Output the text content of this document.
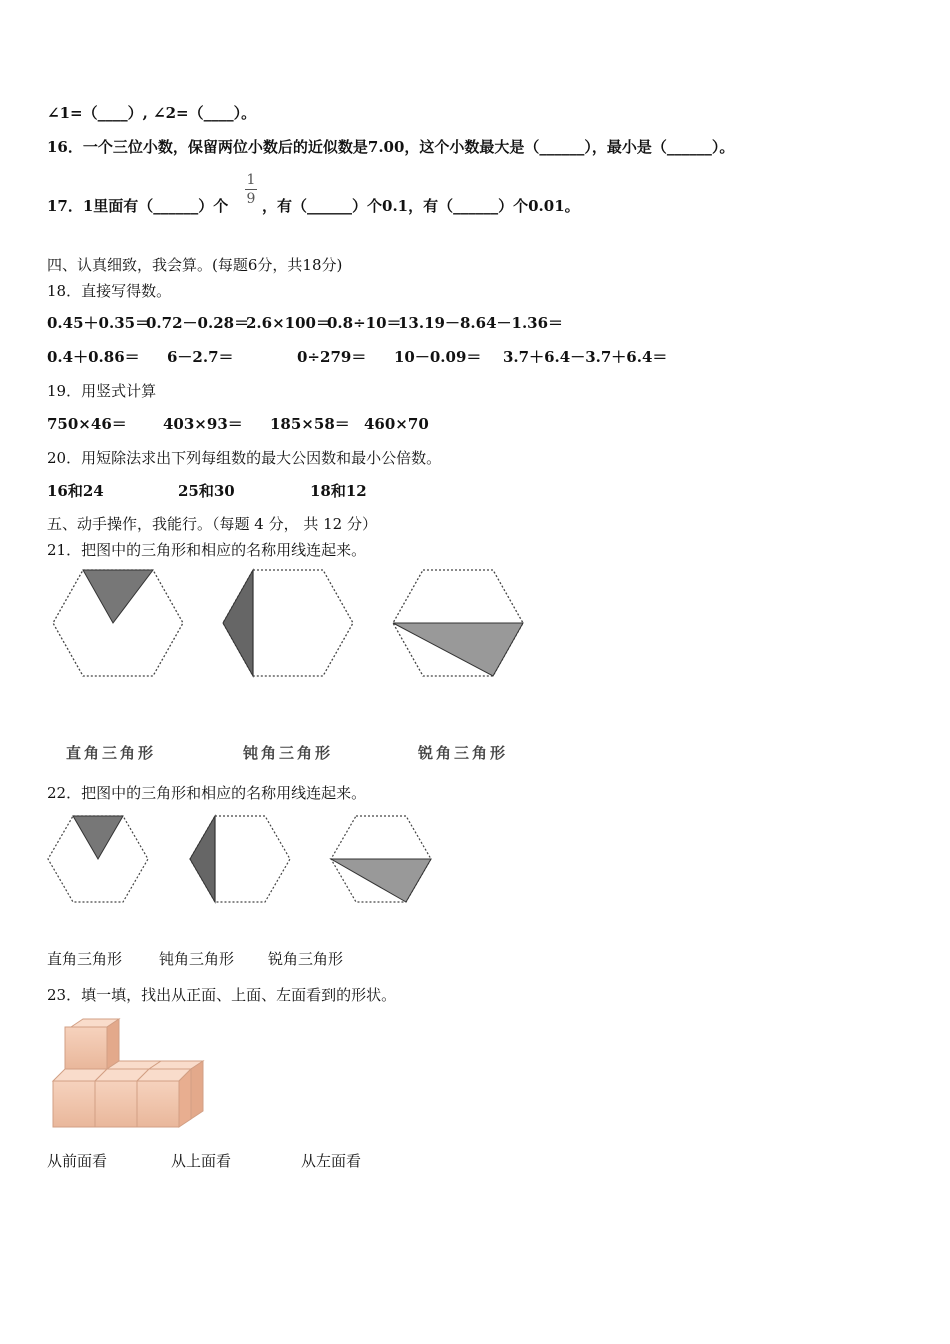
∠1=（____）, ∠2=（____）。
16．一个三位小数，保留两位小数后的近似数是7.00，这个小数最大是（______），最小是（______）。
17．1里面有（______）个
1
9 ，有（______）个0.1，有（______）个0.01。
四、认真细致，我会算。(每题6分，共18分)
18．直接写得数。
0.45＋0.35＝
0.72－0.28＝
2.6×100＝
0.8÷10＝
13.19－8.64－1.36＝
0.4＋0.86＝ 6－2.7＝	0÷279＝ 10－0.09＝ 3.7＋6.4－3.7＋6.4＝
19．用竖式计算
750×46＝ 403×93＝ 185×58＝ 460×70
20．用短除法求出下列每组数的最大公因数和最小公倍数。
16和24	25和30	18和12
五、动手操作，我能行。（每题 4 分， 共 12 分）
21．把图中的三角形和相应的名称用线连起来。
直角三角形	钝角三角形	锐角三角形
22．把图中的三角形和相应的名称用线连起来。
直角三角形 钝角三角形 锐角三角形
23．填一填，找出从正面、上面、左面看到的形状。
从前面看	从上面看	从左面看
